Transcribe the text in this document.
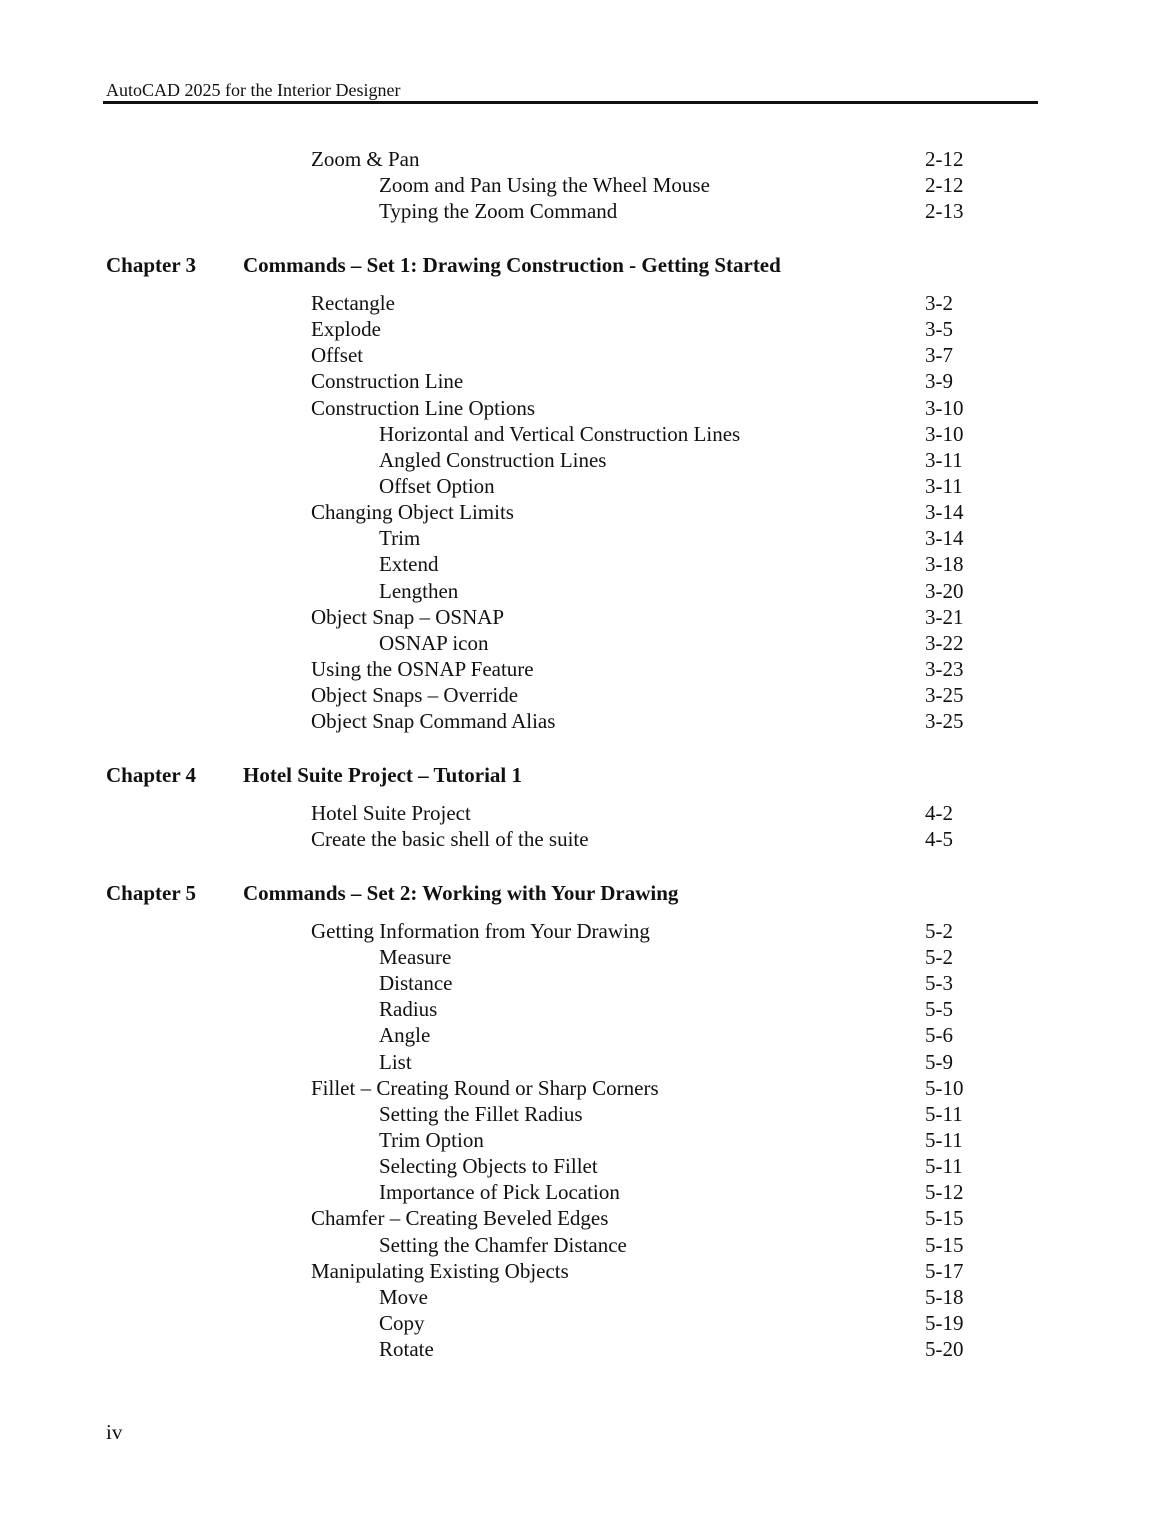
AutoCAD 2025 for the Interior Designer
Zoom & Pan	2-12
Zoom and Pan Using the Wheel Mouse	2-12
Typing the Zoom Command	2-13
Chapter 3 Commands – Set 1: Drawing Construction - Getting Started
Rectangle	3-2
Explode	3-5
Offset	3-7
Construction Line	3-9
Construction Line Options	3-10
Horizontal and Vertical Construction Lines	3-10
Angled Construction Lines	3-11
Offset Option	3-11
Changing Object Limits	3-14
Trim	3-14
Extend	3-18
Lengthen	3-20
Object Snap – OSNAP	3-21
OSNAP icon	3-22
Using the OSNAP Feature	3-23
Object Snaps – Override	3-25
Object Snap Command Alias	3-25
Chapter 4 Hotel Suite Project – Tutorial 1
Hotel Suite Project	4-2
Create the basic shell of the suite	4-5
Chapter 5 Commands – Set 2: Working with Your Drawing
Getting Information from Your Drawing	5-2
Measure	5-2
Distance	5-3
Radius	5-5
Angle	5-6
List	5-9
Fillet – Creating Round or Sharp Corners	5-10
Setting the Fillet Radius	5-11
Trim Option	5-11
Selecting Objects to Fillet	5-11
Importance of Pick Location	5-12
Chamfer – Creating Beveled Edges	5-15
Setting the Chamfer Distance	5-15
Manipulating Existing Objects	5-17
Move	5-18
Copy	5-19
Rotate	5-20
iv
